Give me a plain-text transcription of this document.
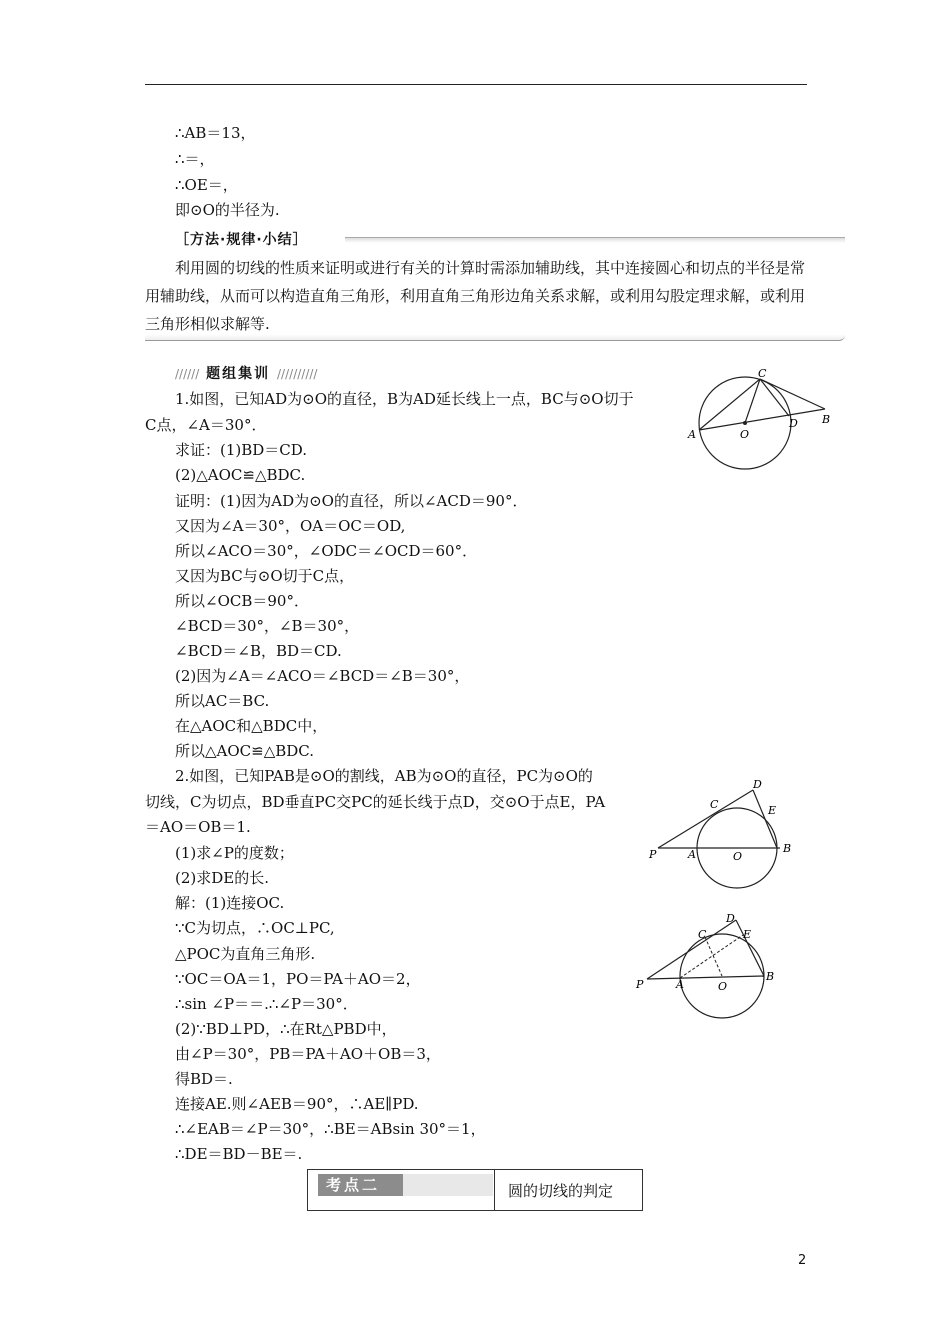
∴AB＝13，
∴＝，
∴OE＝，
即⊙O的半径为.
［方法·规律·小结］
利用圆的切线的性质来证明或进行有关的计算时需添加辅助线，其中连接圆心和切点的半径是常用辅助线，从而可以构造直角三角形，利用直角三角形边角关系求解，或利用勾股定理求解，或利用三角形相似求解等.
////// 题组集训 //////////
1.如图，已知AD为⊙O的直径，B为AD延长线上一点，BC与⊙O切于
C点，∠A＝30°．
求证：(1)BD＝CD.
(2)△AOC≌△BDC.
证明：(1)因为AD为⊙O的直径，所以∠ACD＝90°．
又因为∠A＝30°，OA＝OC＝OD,
所以∠ACO＝30°，∠ODC＝∠OCD＝60°．
又因为BC与⊙O切于C点，
所以∠OCB＝90°．
∠BCD＝30°，∠B＝30°，
∠BCD＝∠B，BD＝CD.
(2)因为∠A＝∠ACO＝∠BCD＝∠B＝30°，
所以AC＝BC.
在△AOC和△BDC中，
所以△AOC≌△BDC.
C
A	O
D B
2.如图，已知PAB是⊙O的割线，AB为⊙O的直径，PC为⊙O的
切线，C为切点，BD垂直PC交PC的延长线于点D，交⊙O于点E，PA
＝AO＝OB＝1.
(1)求∠P的度数；
(2)求DE的长.
解：(1)连接OC.
∵C为切点，∴OC⊥PC,
△POC为直角三角形.
∵OC＝OA＝1，PO＝PA＋AO＝2，
∴sin ∠P＝＝.∴∠P＝30°．
(2)∵BD⊥PD，∴在Rt△PBD中，
由∠P＝30°，PB＝PA＋AO＋OB＝3，
得BD＝.
连接AE.则∠AEB＝90°，∴AE∥PD.
∴∠EAB＝∠P＝30°，∴BE＝ABsin 30°＝1，
∴DE＝BD－BE＝.
D
C	E
P	A	O
B
D
C	E
P	A	O
B
考点二	圆的切线的判定
2
